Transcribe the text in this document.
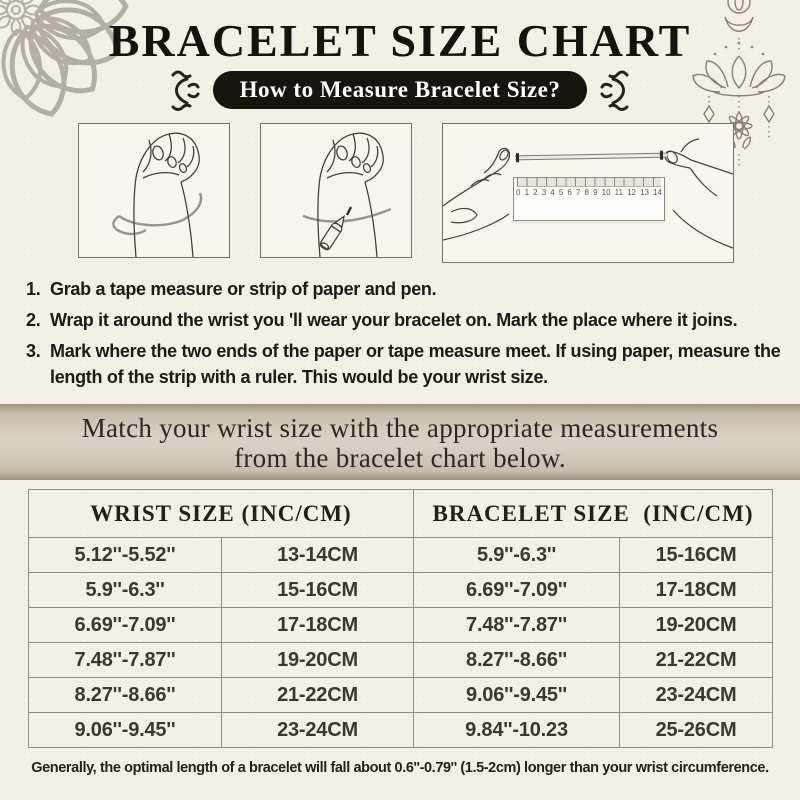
BRACELET SIZE CHART
How to Measure Bracelet Size?
0 1 2 3 4 5 6 7 8 9 10 11 12 13 14
1. Grab a tape measure or strip of paper and pen.
2. Wrap it around the wrist you 'll wear your bracelet on. Mark the place where it joins.
3. Mark where the two ends of the paper or tape measure meet. If using paper, measure the length of the strip with a ruler. This would be your wrist size.
Match your wrist size with the appropriate measurements
from the bracelet chart below.
WRIST SIZE (INC/CM)		BRACELET SIZE  (INC/CM)	
5.12''-5.52''	13-14CM	5.9''-6.3''	15-16CM
5.9''-6.3''	15-16CM	6.69''-7.09''	17-18CM
6.69''-7.09''	17-18CM	7.48''-7.87''	19-20CM
7.48''-7.87''	19-20CM	8.27''-8.66''	21-22CM
8.27''-8.66''	21-22CM	9.06''-9.45''	23-24CM
9.06''-9.45''	23-24CM	9.84''-10.23	25-26CM
Generally, the optimal length of a bracelet will fall about 0.6''-0.79'' (1.5-2cm) longer than your wrist circumference.
